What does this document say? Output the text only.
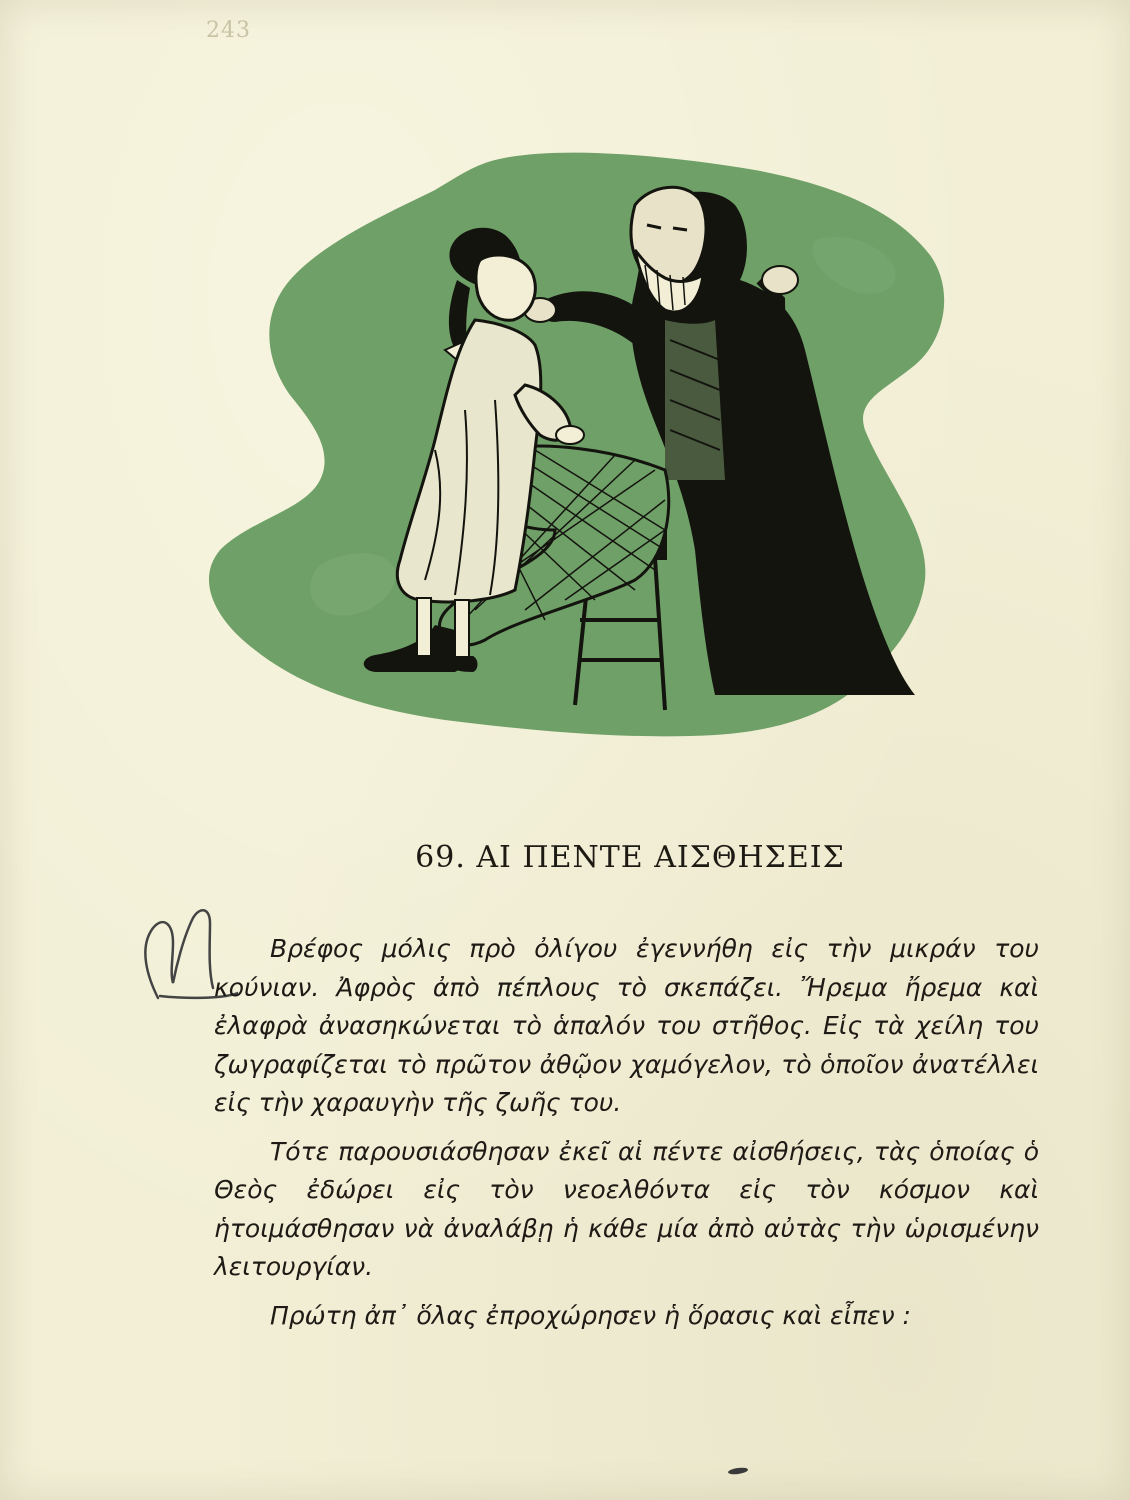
243
69. ΑΙ ΠΕΝΤΕ ΑΙΣΘΗΣΕΙΣ

Βρέφος μόλις πρὸ ὀλίγου ἐγεννήθη εἰς τὴν μικράν του κούνιαν. Ἀφρὸς ἀπὸ πέπλους τὸ σκεπάζει. Ἤρεμα ἤρεμα καὶ ἐλαφρὰ ἀνασηκώνεται τὸ ἁπαλόν του στῆθος. Εἰς τὰ χείλη του ζωγραφίζεται τὸ πρῶτον ἀθῷον χαμόγελον, τὸ ὁποῖον ἀνατέλλει εἰς τὴν χαραυγὴν τῆς ζωῆς του.

Τότε παρουσιάσθησαν ἐκεῖ αἱ πέντε αἰσθήσεις, τὰς ὁποίας ὁ Θεὸς ἐδώρει εἰς τὸν νεοελθόντα εἰς τὸν κόσμον καὶ ἡτοιμάσθησαν νὰ ἀναλάβῃ ἡ κάθε μία ἀπὸ αὐτὰς τὴν ὡρισμένην λειτουργίαν.

Πρώτη ἀπ᾽ ὅλας ἐπροχώρησεν ἡ ὅρασις καὶ εἶπεν :
